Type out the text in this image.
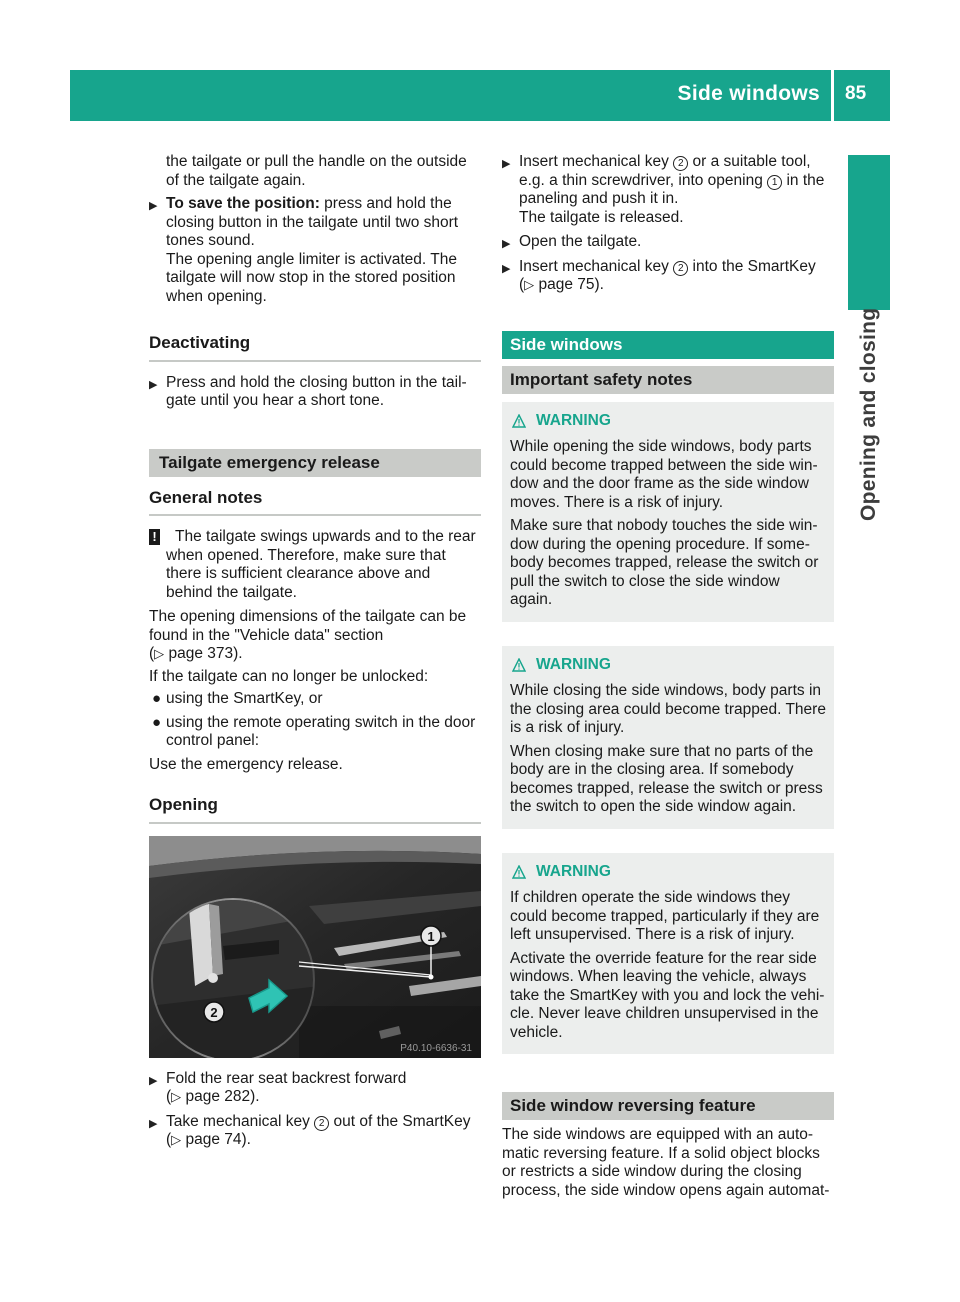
Side windows 85
Opening and closing

the tailgate or pull the handle on the outside of the tailgate again.

▶ To save the position: press and hold the closing button in the tailgate until two short tones sound.
The opening angle limiter is activated. The tailgate will now stop in the stored position when opening.
Deactivating
▶ Press and hold the closing button in the tail-gate until you hear a short tone.
Tailgate emergency release
General notes
! The tailgate swings upwards and to the rear when opened. Therefore, make sure that there is sufficient clearance above and behind the tailgate.

The opening dimensions of the tailgate can be found in the "Vehicle data" section
(▷ page 373).

If the tailgate can no longer be unlocked:

● using the SmartKey, or
● using the remote operating switch in the door control panel:

Use the emergency release.

Opening
1
2
P40.10-6636-31
▶ Fold the rear seat backrest forward
(▷ page 282).
▶ Take mechanical key 2 out of the SmartKey
(▷ page 74).
▶ Insert mechanical key 2 or a suitable tool, e.g. a thin screwdriver, into opening 1 in the paneling and push it in.
The tailgate is released.
▶ Open the tailgate.
▶ Insert mechanical key 2 into the SmartKey
(▷ page 75).
Side windows
Important safety notes
WARNING

While opening the side windows, body parts could become trapped between the side win-dow and the door frame as the side window moves. There is a risk of injury.

Make sure that nobody touches the side win-dow during the opening procedure. If some-body becomes trapped, release the switch or pull the switch to close the side window again.

WARNING

While closing the side windows, body parts in the closing area could become trapped. There is a risk of injury.

When closing make sure that no parts of the body are in the closing area. If somebody becomes trapped, release the switch or press the switch to open the side window again.

WARNING

If children operate the side windows they could become trapped, particularly if they are left unsupervised. There is a risk of injury.

Activate the override feature for the rear side windows. When leaving the vehicle, always take the SmartKey with you and lock the vehi-cle. Never leave children unsupervised in the vehicle.

Side window reversing feature

The side windows are equipped with an auto-matic reversing feature. If a solid object blocks or restricts a side window during the closing process, the side window opens again automat-
